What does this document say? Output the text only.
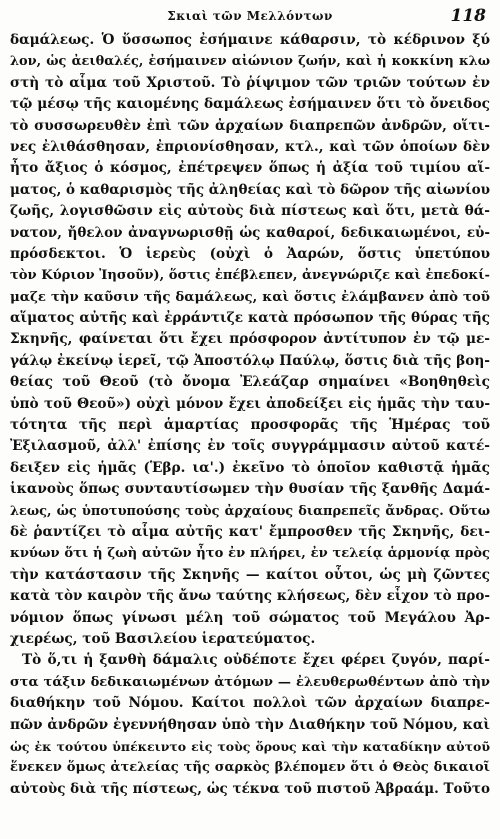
Σκιαὶ τῶν Μελλόντων	118
δαμάλεως. Ὁ ὕσσωπος ἐσήμαινε κάθαρσιν, τὸ κέδρινον ξύ
λον, ὡς ἀειθαλές, ἐσήμαινεν αἰώνιον ζωήν, καὶ ἡ κοκκίνη κλω
στὴ τὸ αἷμα τοῦ Χριστοῦ. Τὸ ῥίψιμον τῶν τριῶν τούτων ἐν
τῷ μέσῳ τῆς καιομένης δαμάλεως ἐσήμαινεν ὅτι τὸ ὄνειδος
τὸ συσσωρευθὲν ἐπὶ τῶν ἀρχαίων διαπρεπῶν ἀνδρῶν, οἵτι-
νες ἐλιθάσθησαν, ἐπριονίσθησαν, κτλ., καὶ τῶν ὁποίων δὲν
ἦτο ἄξιος ὁ κόσμος, ἐπέτρεψεν ὅπως ἡ ἀξία τοῦ τιμίου αἵ-
ματος, ὁ καθαρισμὸς τῆς ἀληθείας καὶ τὸ δῶρον τῆς αἰωνίου
ζωῆς, λογισθῶσιν εἰς αὐτοὺς διὰ πίστεως καὶ ὅτι, μετὰ θά-
νατον, ἤθελον ἀναγνωρισθῇ ὡς καθαροί, δεδικαιωμένοι, εὐ-
πρόσδεκτοι. Ὁ ἱερεὺς (οὐχὶ ὁ Ἀαρών, ὅστις ὑπετύπου
τὸν Κύριον Ἰησοῦν), ὅστις ἐπέβλεπεν, ἀνεγνώριζε καὶ ἐπεδοκί-
μαζε τὴν καῦσιν τῆς δαμάλεως, καὶ ὅστις ἐλάμβανεν ἀπὸ τοῦ
αἵματος αὐτῆς καὶ ἐρράντιζε κατὰ πρόσωπον τῆς θύρας τῆς
Σκηνῆς, φαίνεται ὅτι ἔχει πρόσφορον ἀντίτυπον ἐν τῷ με-
γάλῳ ἐκείνῳ ἱερεῖ, τῷ Ἀποστόλῳ Παύλῳ, ὅστις διὰ τῆς βοη-
θείας τοῦ Θεοῦ (τὸ ὄνομα Ἐλεάζαρ σημαίνει «Βοηθηθεὶς
ὑπὸ τοῦ Θεοῦ») οὐχὶ μόνον ἔχει ἀποδείξει εἰς ἡμᾶς τὴν ταυ-
τότητα τῆς περὶ ἁμαρτίας προσφορᾶς τῆς Ἡμέρας τοῦ
Ἐξιλασμοῦ, ἀλλ' ἐπίσης ἐν τοῖς συγγράμμασιν αὐτοῦ κατέ-
δειξεν εἰς ἡμᾶς (Ἑβρ. ια'.) ἐκεῖνο τὸ ὁποῖον καθιστᾷ ἡμᾶς
ἱκανοὺς ὅπως συνταυτίσωμεν τὴν θυσίαν τῆς ξανθῆς Δαμά-
λεως, ὡς ὑποτυπούσης τοὺς ἀρχαίους διαπρεπεῖς ἄνδρας. Οὕτω
δὲ ῥαντίζει τὸ αἷμα αὐτῆς κατ' ἔμπροσθεν τῆς Σκηνῆς, δει-
κνύων ὅτι ἡ ζωὴ αὐτῶν ἦτο ἐν πλήρει, ἐν τελείᾳ ἁρμονίᾳ πρὸς
τὴν κατάστασιν τῆς Σκηνῆς — καίτοι οὗτοι, ὡς μὴ ζῶντες
κατὰ τὸν καιρὸν τῆς ἄνω ταύτης κλήσεως, δὲν εἶχον τὸ προ-
νόμιον ὅπως γίνωσι μέλη τοῦ σώματος τοῦ Μεγάλου Ἀρ-
χιερέως, τοῦ Βασιλείου ἱερατεύματος.
Τὸ ὅ,τι ἡ ξανθὴ δάμαλις οὐδέποτε ἔχει φέρει ζυγόν, παρί-
στα τάξιν δεδικαιωμένων ἀτόμων — ἐλευθερωθέντων ἀπὸ τὴν
διαθήκην τοῦ Νόμου. Καίτοι πολλοὶ τῶν ἀρχαίων διαπρε-
πῶν ἀνδρῶν ἐγεννήθησαν ὑπὸ τὴν Διαθήκην τοῦ Νόμου, καὶ
ὡς ἐκ τούτου ὑπέκειντο εἰς τοὺς ὅρους καὶ τὴν καταδίκην αὐτοῦ
ἕνεκεν ὅμως ἀτελείας τῆς σαρκὸς βλέπομεν ὅτι ὁ Θεὸς δικαιοῖ
αὐτοὺς διὰ τῆς πίστεως, ὡς τέκνα τοῦ πιστοῦ Ἀβραάμ. Τοῦτο
